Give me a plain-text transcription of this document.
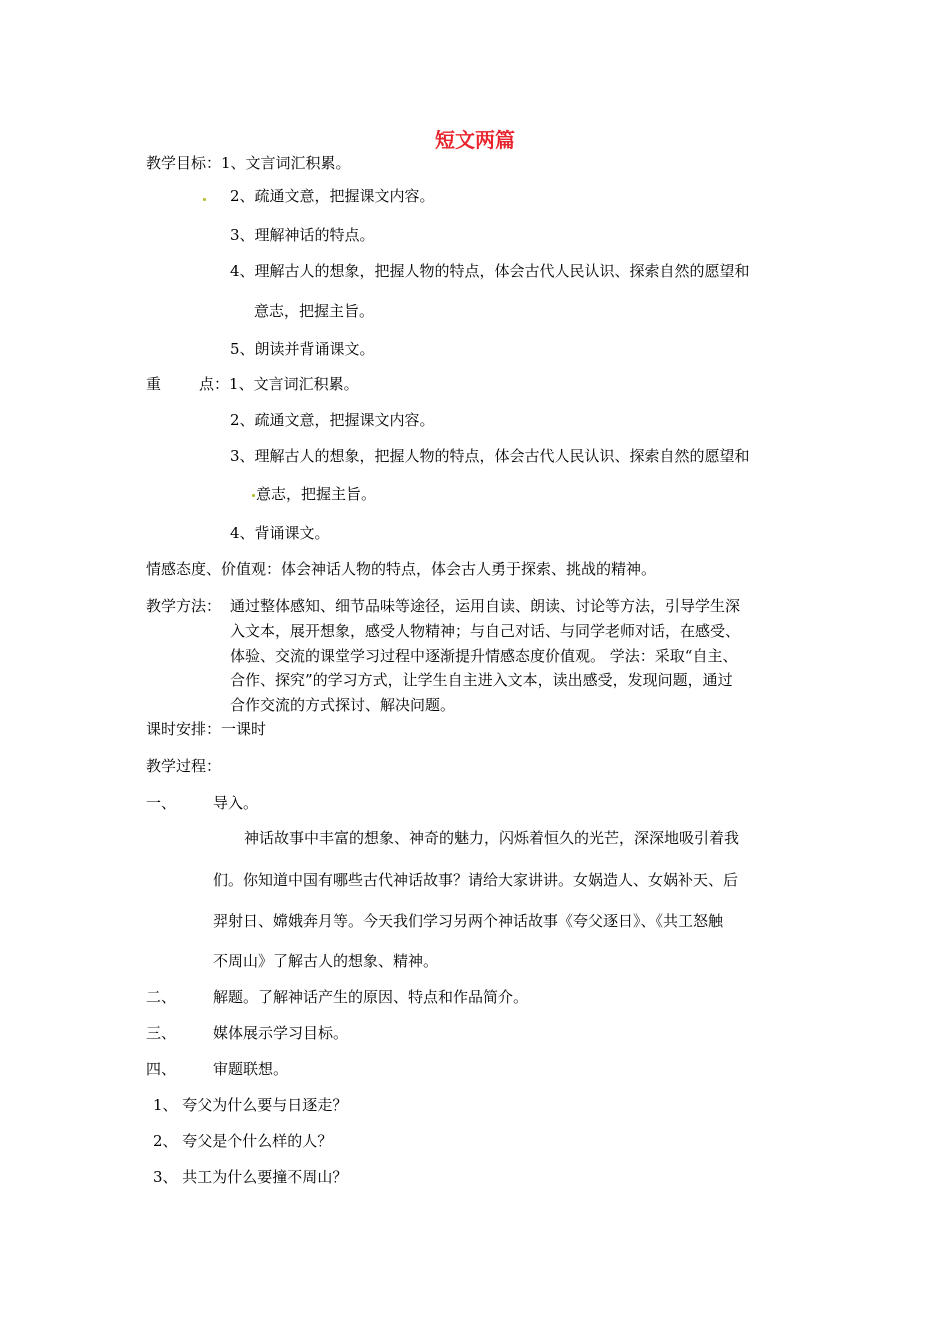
短文两篇
教学目标：1、文言词汇积累。
2、疏通文意，把握课文内容。
3、理解神话的特点。
4、理解古人的想象，把握人物的特点，体会古代人民认识、探索自然的愿望和
意志，把握主旨。
5、朗读并背诵课文。
重	点：1、文言词汇积累。
2、疏通文意，把握课文内容。
3、理解古人的想象，把握人物的特点，体会古代人民认识、探索自然的愿望和
意志，把握主旨。
4、背诵课文。
情感态度、价值观：体会神话人物的特点，体会古人勇于探索、挑战的精神。
教学方法： 通过整体感知、细节品味等途径，运用自读、朗读、讨论等方法，引导学生深
入文本，展开想象，感受人物精神；与自己对话、与同学老师对话，在感受、
体验、交流的课堂学习过程中逐渐提升情感态度价值观。 学法：采取“自主、
合作、探究”的学习方式，让学生自主进入文本，读出感受，发现问题，通过
合作交流的方式探讨、解决问题。
课时安排：一课时
教学过程：
一、 导入。
神话故事中丰富的想象、神奇的魅力，闪烁着恒久的光芒，深深地吸引着我
们。你知道中国有哪些古代神话故事？请给大家讲讲。女娲造人、女娲补天、后
羿射日、嫦娥奔月等。今天我们学习另两个神话故事《夸父逐日》、《共工怒触
不周山》了解古人的想象、精神。
二、 解题。了解神话产生的原因、特点和作品简介。
三、 媒体展示学习目标。
四、 审题联想。
1、 夸父为什么要与日逐走？
2、 夸父是个什么样的人？
3、 共工为什么要撞不周山？
